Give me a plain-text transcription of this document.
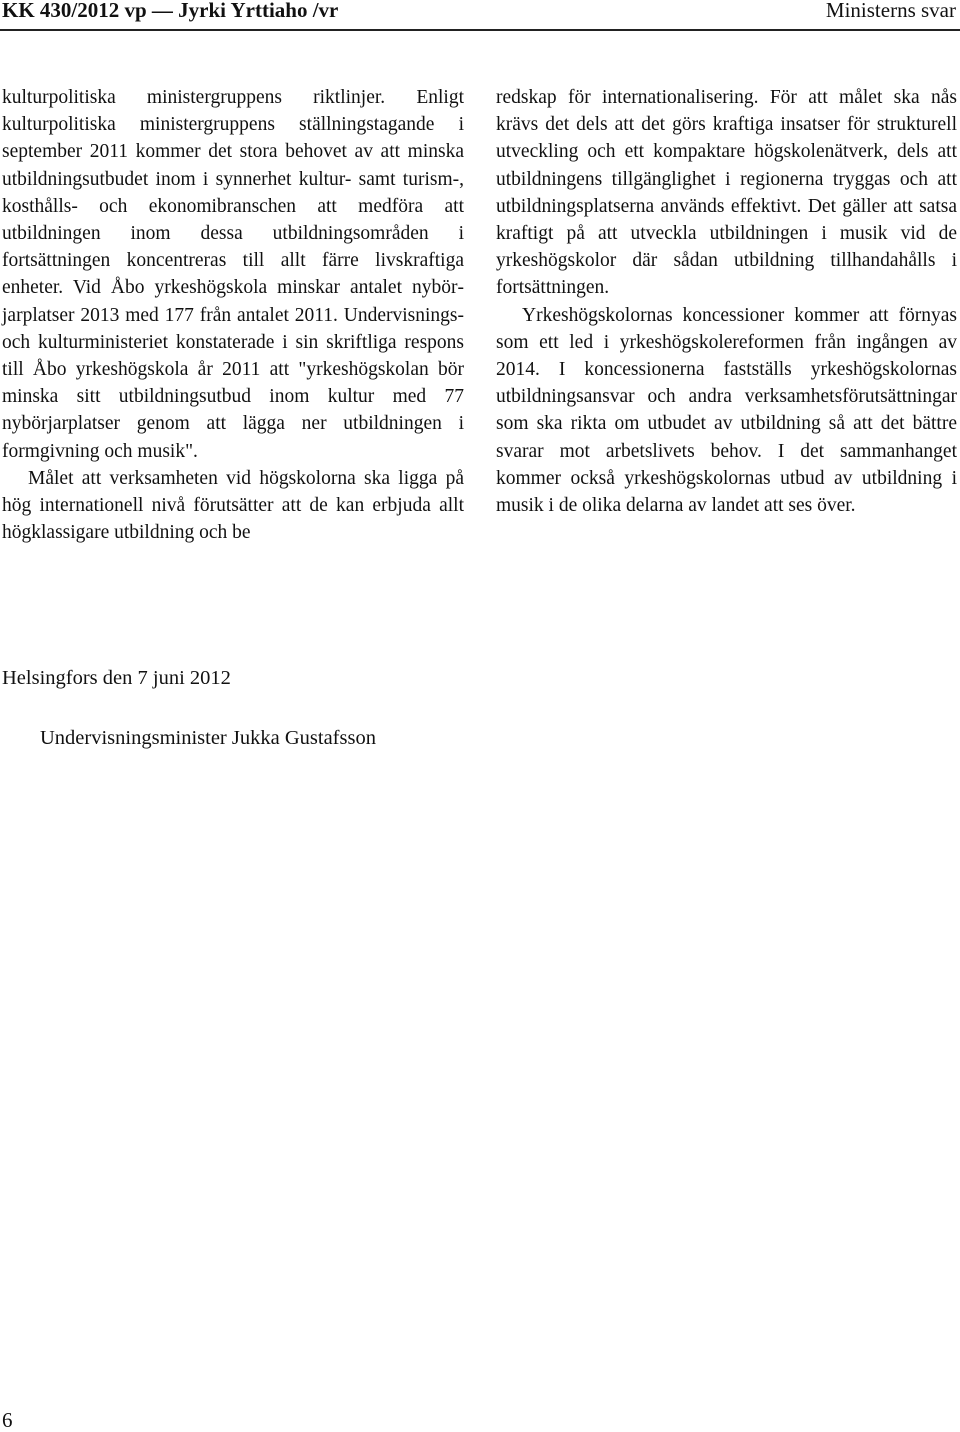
KK 430/2012 vp — Jyrki Yrttiaho /vr	Ministerns svar

kulturpolitiska ministergruppens riktlinjer. Enligt kulturpolitiska ministergruppens ställningstagande i september 2011 kommer det stora behovet av att minska utbildningsutbudet inom i synnerhet kultur- samt turism-, kosthålls- och ekonomibranschen att medföra att utbildningen inom dessa utbildningsområden i fortsättningen koncentreras till allt färre livskraftiga enheter. Vid Åbo yrkeshögskola minskar antalet nybörjarplatser 2013 med 177 från antalet 2011. Undervisnings- och kulturministeriet konstaterade i sin skriftliga respons till Åbo yrkeshögskola år 2011 att "yrkeshögskolan bör minska sitt utbildningsutbud inom kultur med 77 nybörjarplatser genom att lägga ner utbildningen i formgivning och musik".

Målet att verksamheten vid högskolorna ska ligga på hög internationell nivå förutsätter att de kan erbjuda allt högklassigare utbildning och be

redskap för internationalisering. För att målet ska nås krävs det dels att det görs kraftiga insatser för strukturell utveckling och ett kompaktare högskolenätverk, dels att utbildningens tillgänglighet i regionerna tryggas och att utbildningsplatserna används effektivt. Det gäller att satsa kraftigt på att utveckla utbildningen i musik vid de yrkeshögskolor där sådan utbildning tillhandahålls i fortsättningen.

Yrkeshögskolornas koncessioner kommer att förnyas som ett led i yrkeshögskolereformen från ingången av 2014. I koncessionerna fastställs yrkeshögskolornas utbildningsansvar och andra verksamhetsförutsättningar som ska rikta om utbudet av utbildning så att det bättre svarar mot arbetslivets behov. I det sammanhanget kommer också yrkeshögskolornas utbud av utbildning i musik i de olika delarna av landet att ses över.

Helsingfors den 7 juni 2012
Undervisningsminister Jukka Gustafsson
6
